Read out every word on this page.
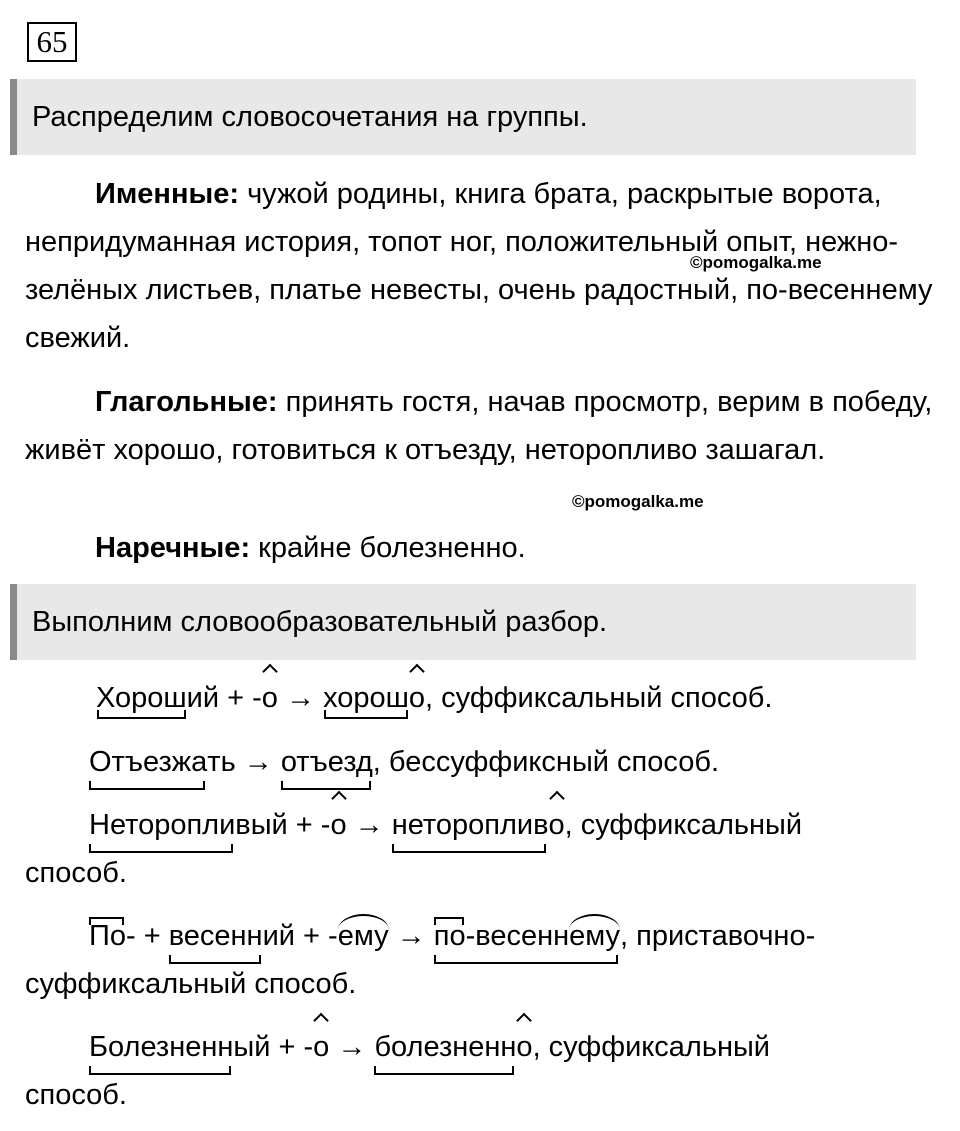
65
Распределим словосочетания на группы.
Именные: чужой родины, книга брата, раскрытые ворота, непридуманная история, топот ног, положительный опыт, нежно-зелёных листьев, платье невесты, очень радостный, по-весеннему свежий.
©pomogalka.me
Глагольные: принять гостя, начав просмотр, верим в победу, живёт хорошо, готовиться к отъезду, неторопливо зашагал.
©pomogalka.me
Наречные: крайне болезненно.
Выполним словообразовательный разбор.
Хороший + -о → хорошо, суффиксальный способ.
Отъезжать → отъезд, бессуффиксный способ.
Неторопливый + -о → неторопливо, суффиксальный
способ.
По- + весенний + -ему → по-весеннему, приставочно-
суффиксальный способ.
Болезненный + -о → болезненно, суффиксальный
способ.
